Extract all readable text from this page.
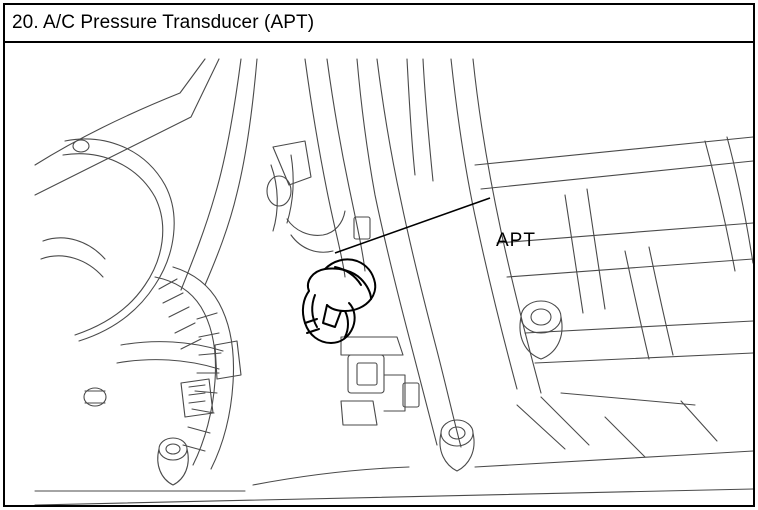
20. A/C Pressure Transducer (APT)
APT
